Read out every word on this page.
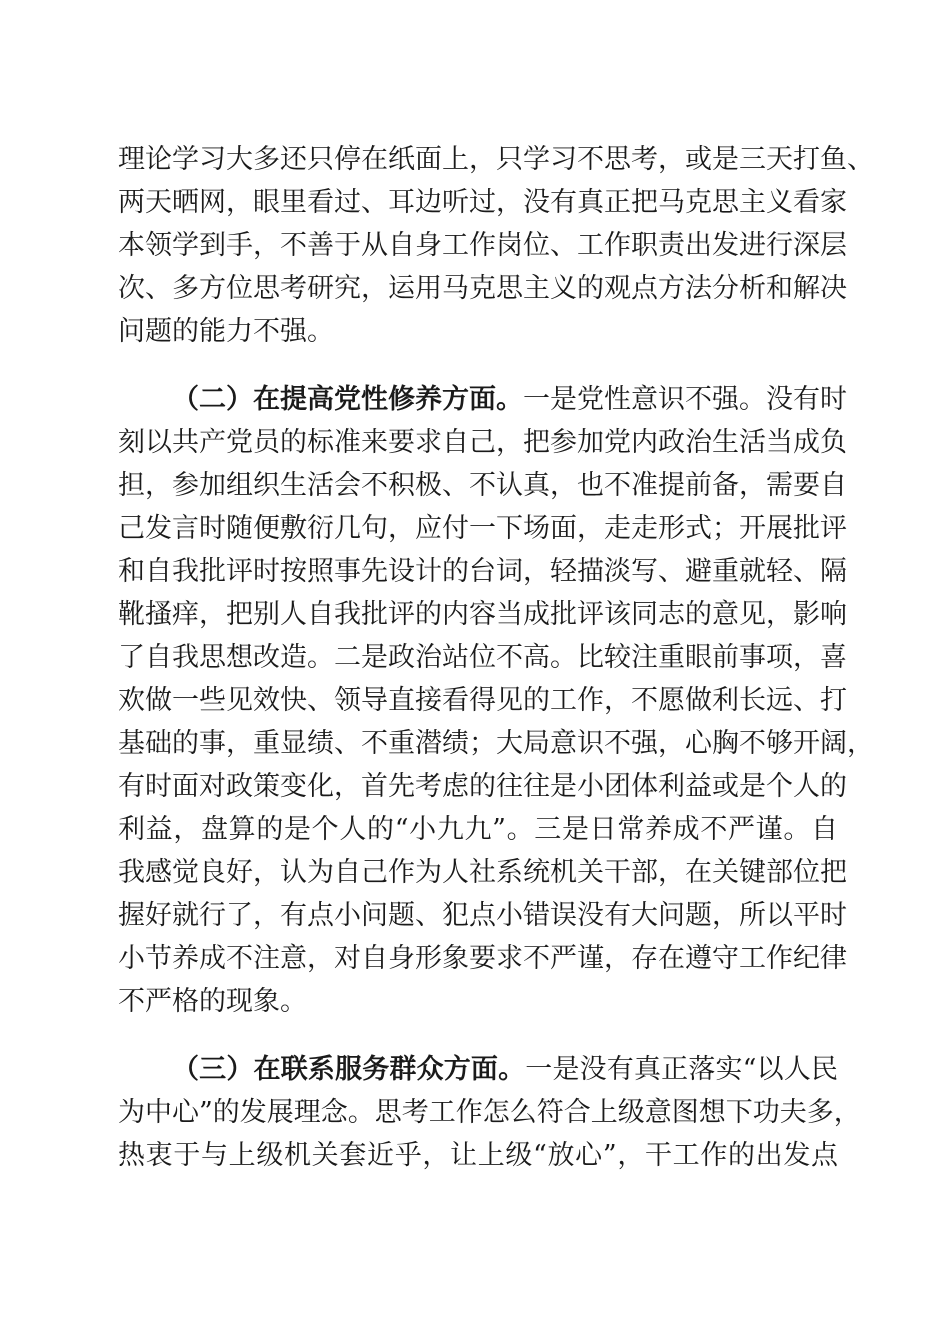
理论学习大多还只停在纸面上，只学习不思考，或是三天打鱼、
两天晒网，眼里看过、耳边听过，没有真正把马克思主义看家
本领学到手，不善于从自身工作岗位、工作职责出发进行深层
次、多方位思考研究，运用马克思主义的观点方法分析和解决
问题的能力不强。
（二）在提高党性修养方面。一是党性意识不强。没有时
刻以共产党员的标准来要求自己，把参加党内政治生活当成负
担，参加组织生活会不积极、不认真，也不准提前备，需要自
己发言时随便敷衍几句，应付一下场面，走走形式；开展批评
和自我批评时按照事先设计的台词，轻描淡写、避重就轻、隔
靴搔痒，把别人自我批评的内容当成批评该同志的意见，影响
了自我思想改造。二是政治站位不高。比较注重眼前事项，喜
欢做一些见效快、领导直接看得见的工作，不愿做利长远、打
基础的事，重显绩、不重潜绩；大局意识不强，心胸不够开阔，
有时面对政策变化，首先考虑的往往是小团体利益或是个人的
利益，盘算的是个人的“小九九”。三是日常养成不严谨。自
我感觉良好，认为自己作为人社系统机关干部，在关键部位把
握好就行了，有点小问题、犯点小错误没有大问题，所以平时
小节养成不注意，对自身形象要求不严谨，存在遵守工作纪律
不严格的现象。
（三）在联系服务群众方面。一是没有真正落实“以人民
为中心”的发展理念。思考工作怎么符合上级意图想下功夫多，
热衷于与上级机关套近乎，让上级“放心”，干工作的出发点
